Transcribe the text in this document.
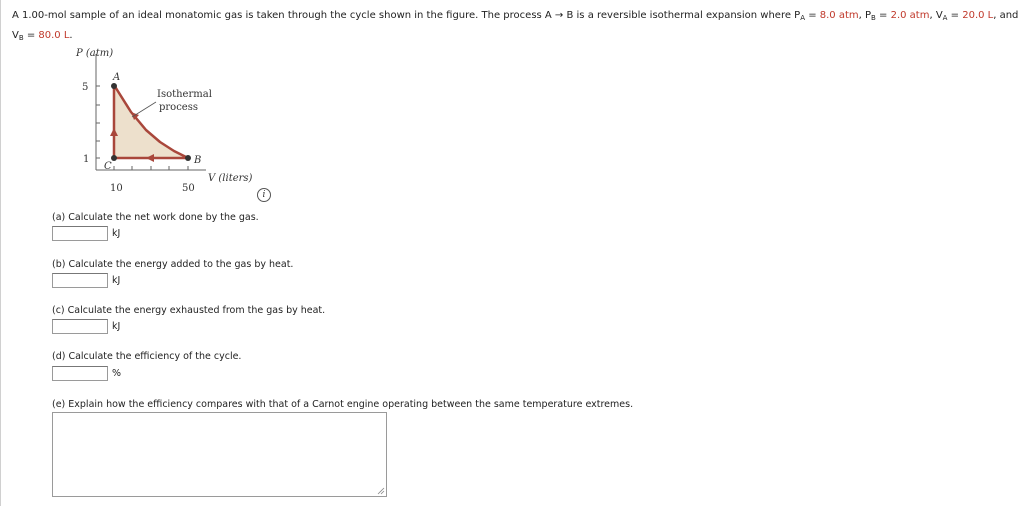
A 1.00-mol sample of an ideal monatomic gas is taken through the cycle shown in the figure. The process A → B is a reversible isothermal expansion where $P_A = 8.0$ atm, $P_B = 2.0$ atm, $V_A = 20.0$ L, and
$V_B = 80.0$ L.
P (atm)
5
1
10	50
V (liters)
A
B
C
Isothermal
process
i
(a) Calculate the net work done by the gas.
kJ
(b) Calculate the energy added to the gas by heat.
kJ
(c) Calculate the energy exhausted from the gas by heat.
kJ
(d) Calculate the efficiency of the cycle.
%
(e) Explain how the efficiency compares with that of a Carnot engine operating between the same temperature extremes.
